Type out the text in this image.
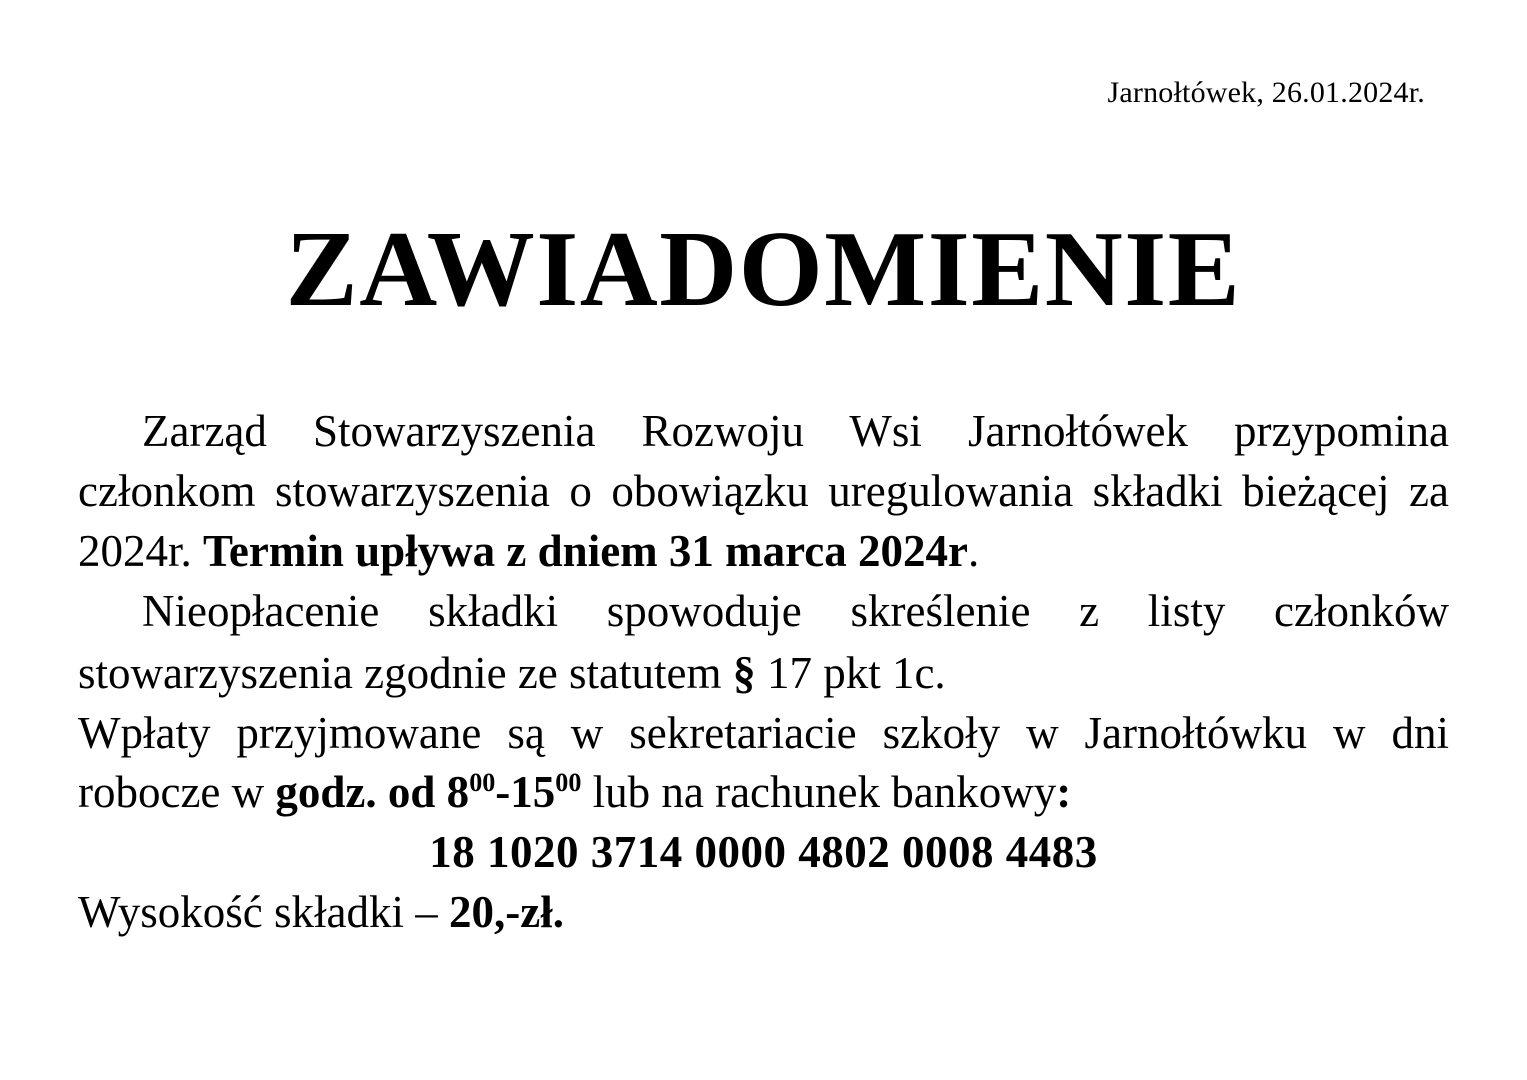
Jarnołtówek, 26.01.2024r.
ZAWIADOMIENIE

Zarząd Stowarzyszenia Rozwoju Wsi Jarnołtówek przypomina członkom stowarzyszenia o obowiązku uregulowania składki bieżącej za 2024r. Termin upływa z dniem 31 marca 2024r.

Nieopłacenie składki spowoduje skreślenie z listy członków stowarzyszenia zgodnie ze statutem § 17 pkt 1c.

Wpłaty przyjmowane są w sekretariacie szkoły w Jarnołtówku w dni robocze w godz. od $8^{00}-15^{00}$ lub na rachunek bankowy:

18 1020 3714 0000 4802 0008 4483

Wysokość składki – 20,-zł.
